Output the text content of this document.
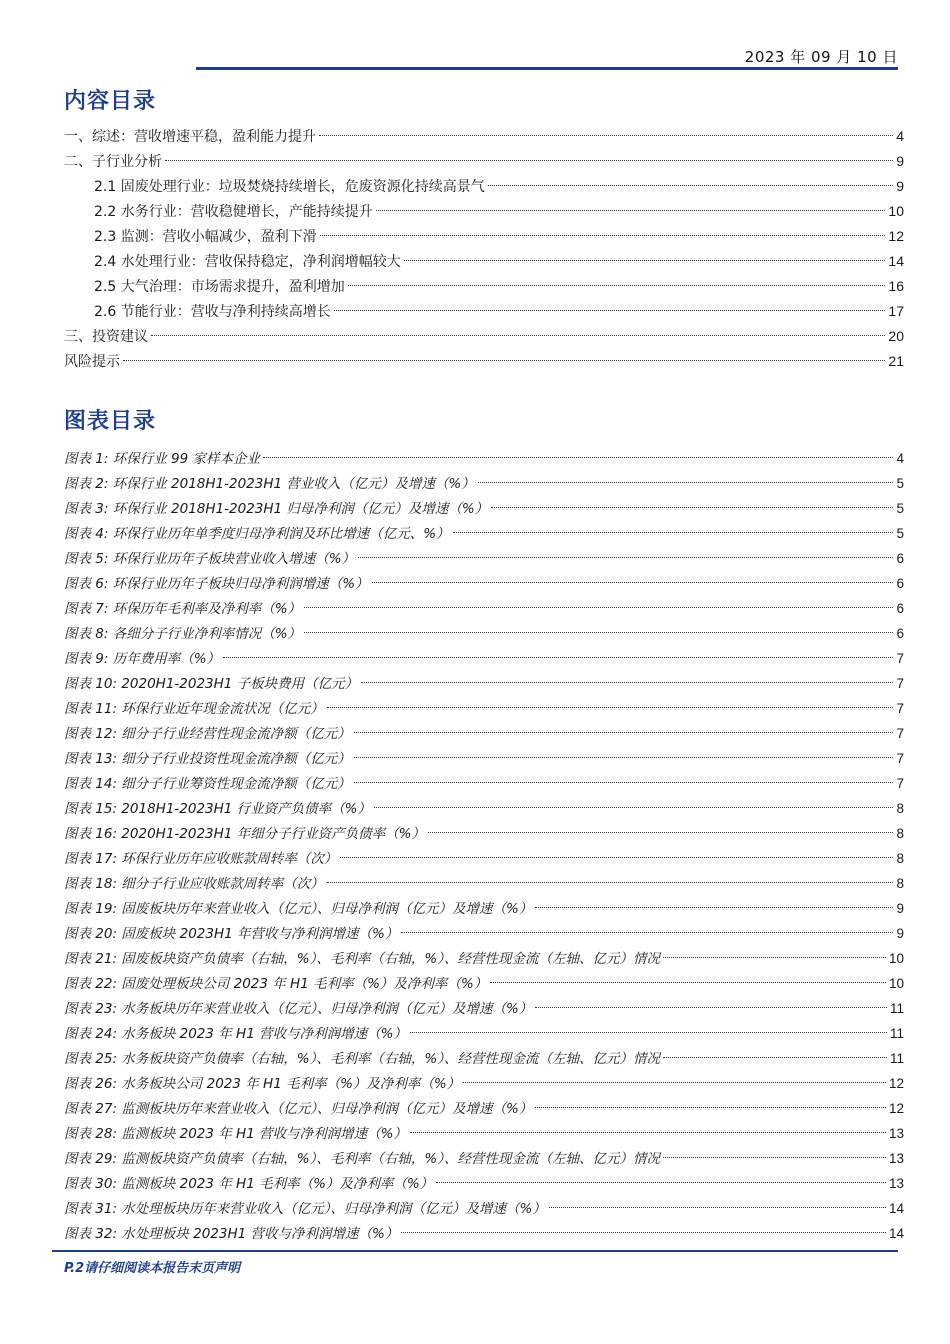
2023 年 09 月 10 日
内容目录
一、综述：营收增速平稳，盈利能力提升	4
二、子行业分析	9
2.1 固废处理行业：垃圾焚烧持续增长，危废资源化持续高景气	9
2.2 水务行业：营收稳健增长，产能持续提升	10
2.3 监测：营收小幅减少，盈利下滑	12
2.4 水处理行业：营收保持稳定，净利润增幅较大	14
2.5 大气治理：市场需求提升，盈利增加	16
2.6 节能行业：营收与净利持续高增长	17
三、投资建议	20
风险提示	21
图表目录
图表 1: 环保行业 99 家样本企业	4
图表 2: 环保行业 2018H1-2023H1 营业收入（亿元）及增速（%）	5
图表 3: 环保行业 2018H1-2023H1 归母净利润（亿元）及增速（%）	5
图表 4: 环保行业历年单季度归母净利润及环比增速（亿元、%）	5
图表 5: 环保行业历年子板块营业收入增速（%）	6
图表 6: 环保行业历年子板块归母净利润增速（%）	6
图表 7: 环保历年毛利率及净利率（%）	6
图表 8: 各细分子行业净利率情况（%）	6
图表 9: 历年费用率（%）	7
图表 10: 2020H1-2023H1 子板块费用（亿元）	7
图表 11: 环保行业近年现金流状况（亿元）	7
图表 12: 细分子行业经营性现金流净额（亿元）	7
图表 13: 细分子行业投资性现金流净额（亿元）	7
图表 14: 细分子行业筹资性现金流净额（亿元）	7
图表 15: 2018H1-2023H1 行业资产负债率（%）	8
图表 16: 2020H1-2023H1 年细分子行业资产负债率（%）	8
图表 17: 环保行业历年应收账款周转率（次）	8
图表 18: 细分子行业应收账款周转率（次）	8
图表 19: 固废板块历年来营业收入（亿元）、归母净利润（亿元）及增速（%）	9
图表 20: 固废板块 2023H1 年营收与净利润增速（%）	9
图表 21: 固废板块资产负债率（右轴，%）、毛利率（右轴，%）、经营性现金流（左轴、亿元）情况	10
图表 22: 固废处理板块公司 2023 年 H1 毛利率（%）及净利率（%）	10
图表 23: 水务板块历年来营业收入（亿元）、归母净利润（亿元）及增速（%）	11
图表 24: 水务板块 2023 年 H1 营收与净利润增速（%）	11
图表 25: 水务板块资产负债率（右轴，%）、毛利率（右轴，%）、经营性现金流（左轴、亿元）情况	11
图表 26: 水务板块公司 2023 年 H1 毛利率（%）及净利率（%）	12
图表 27: 监测板块历年来营业收入（亿元）、归母净利润（亿元）及增速（%）	12
图表 28: 监测板块 2023 年 H1 营收与净利润增速（%）	13
图表 29: 监测板块资产负债率（右轴，%）、毛利率（右轴，%）、经营性现金流（左轴、亿元）情况	13
图表 30: 监测板块 2023 年 H1 毛利率（%）及净利率（%）	13
图表 31: 水处理板块历年来营业收入（亿元）、归母净利润（亿元）及增速（%）	14
图表 32: 水处理板块 2023H1 营收与净利润增速（%）	14
P.2请仔细阅读本报告末页声明
